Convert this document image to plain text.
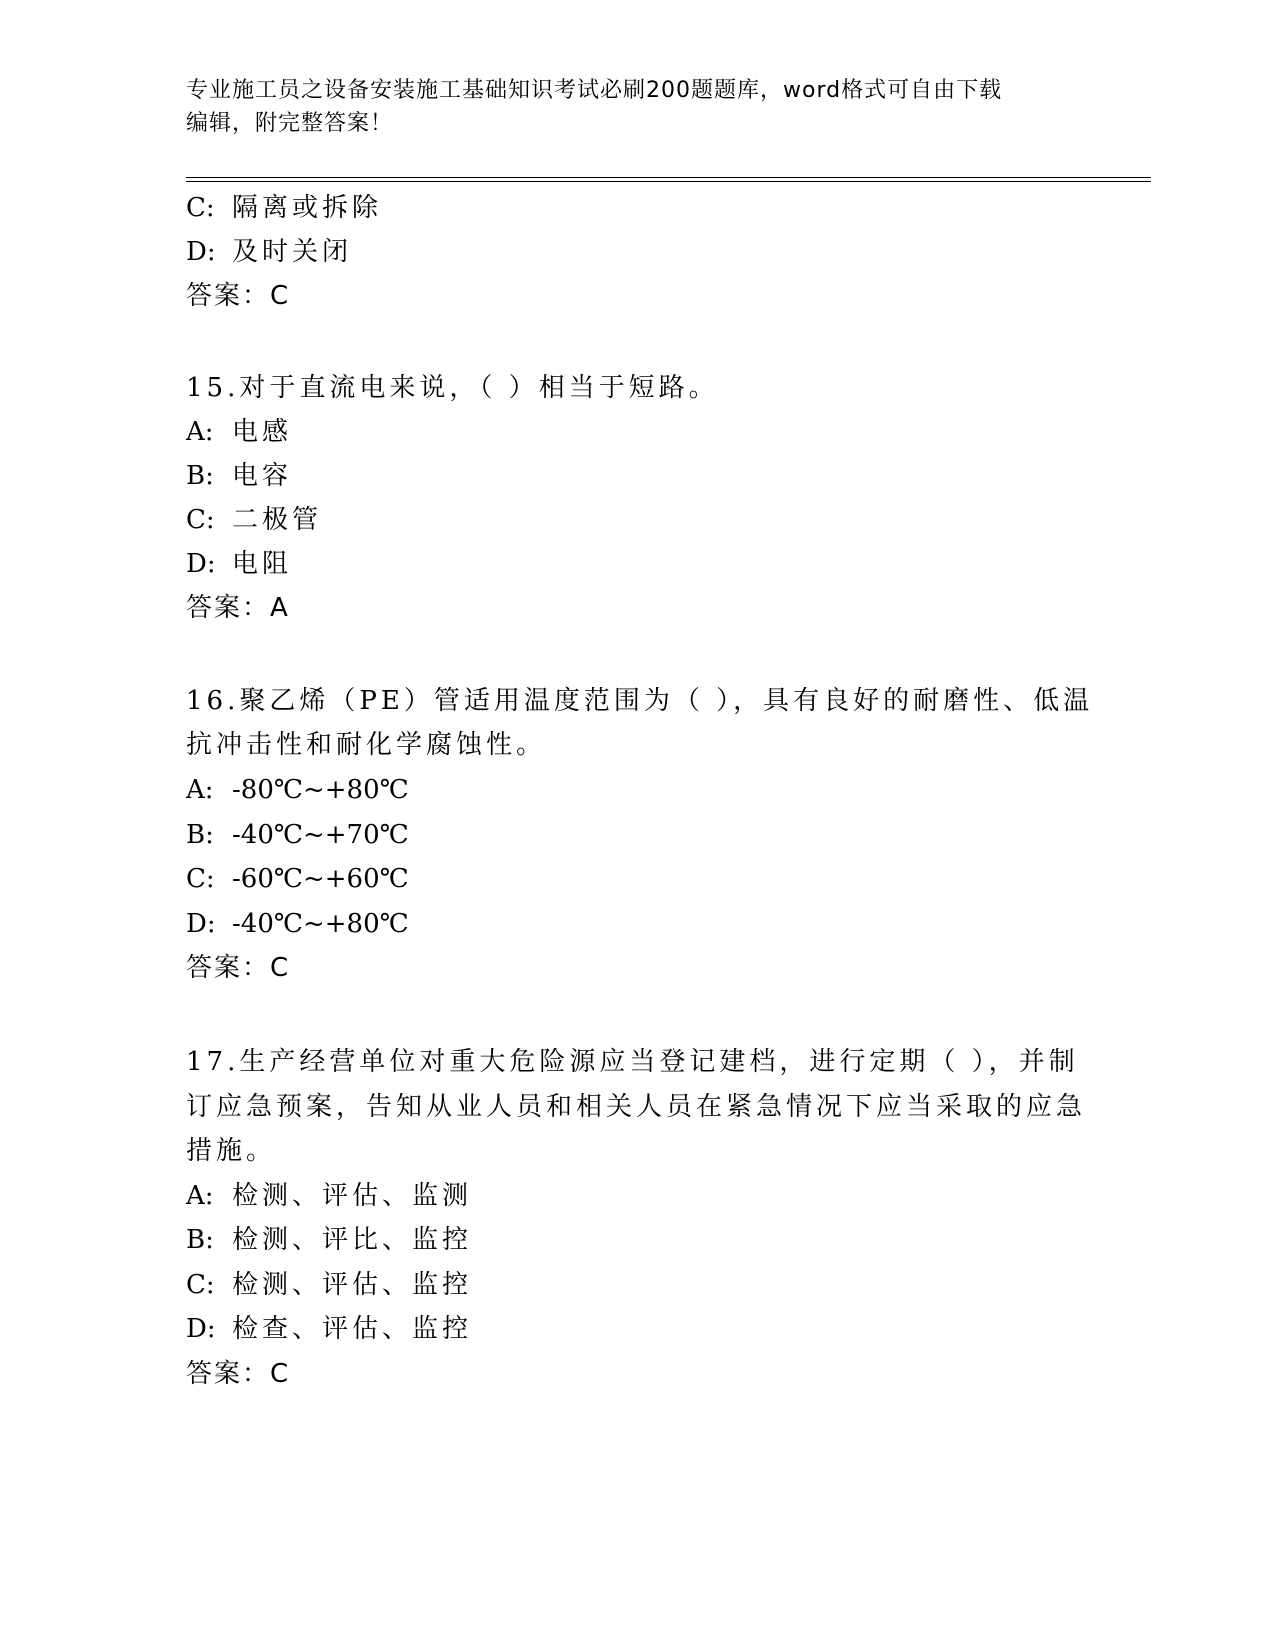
专业施工员之设备安装施工基础知识考试必刷200题题库，word格式可自由下载
编辑，附完整答案！
C: 隔离或拆除
D: 及时关闭
答案：C
15.对于直流电来说，（ ）相当于短路。
A: 电感
B: 电容
C: 二极管
D: 电阻
答案：A
16.聚乙烯（PE）管适用温度范围为（ ），具有良好的耐磨性、低温
抗冲击性和耐化学腐蚀性。
A: -80℃~+80℃
B: -40℃~+70℃
C: -60℃~+60℃
D: -40℃~+80℃
答案：C
17.生产经营单位对重大危险源应当登记建档，进行定期（ ），并制
订应急预案，告知从业人员和相关人员在紧急情况下应当采取的应急
措施。
A: 检测、评估、监测
B: 检测、评比、监控
C: 检测、评估、监控
D: 检查、评估、监控
答案：C
